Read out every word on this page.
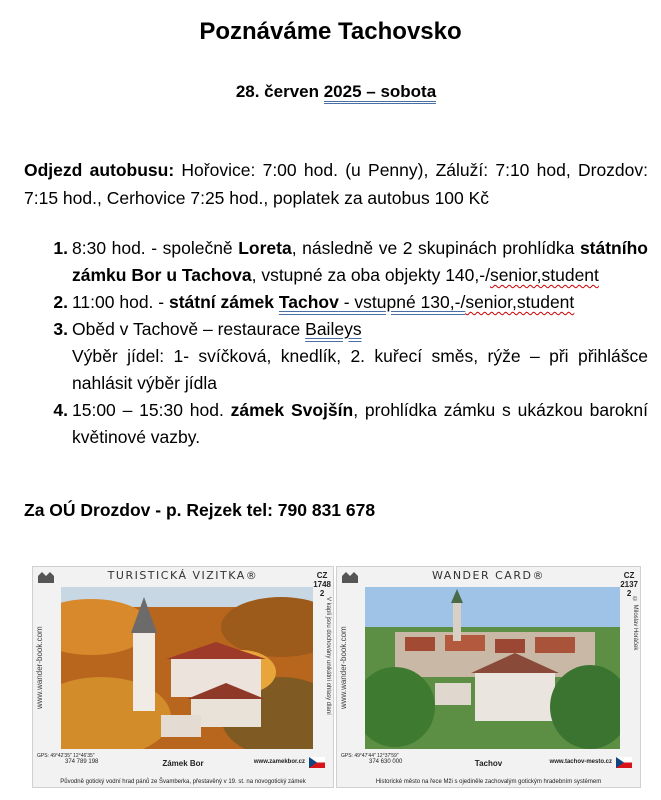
Poznáváme Tachovsko
28. červen 2025 – sobota
Odjezd autobusu: Hořovice: 7:00 hod. (u Penny), Záluží: 7:10 hod, Drozdov: 7:15 hod., Cerhovice 7:25 hod., poplatek za autobus 100 Kč
1. 8:30 hod. - společně Loreta, následně ve 2 skupinách prohlídka státního zámku Bor u Tachova, vstupné za oba objekty 140,-/senior,student
2. 11:00 hod. - státní zámek Tachov - vstupné 130,-/senior,student
3. Oběd v Tachově – restaurace Baileys
Výběr jídel: 1- svíčková, knedlík, 2. kuřecí směs, rýže – při přihlášce nahlásit výběr jídla
4. 15:00 – 15:30 hod. zámek Svojšín, prohlídka zámku s ukázkou barokní květinové vazby.
Za OÚ Drozdov - p. Rejzek tel: 790 831 678
TURISTICKÁ VIZITKA®	CZ
1748
2
www.wander-book.com	V kapli jsou dochovány unikátní ohlasy dlaní
GPS: 49°42'35" 12°46'35"
374 789 198	Zámek Bor	www.zamekbor.cz
Původně gotický vodní hrad pánů ze Švamberka, přestavěný v 19. st. na novogotický zámek
WANDER CARD®	CZ
2137
2
www.wander-book.com
© Miloslav Horáček
GPS: 49°47'44" 12°37'59"
374 630 000	Tachov	www.tachov-mesto.cz
Historické město na řece Mži s ojediněle zachovalým gotickým hradebním systémem
